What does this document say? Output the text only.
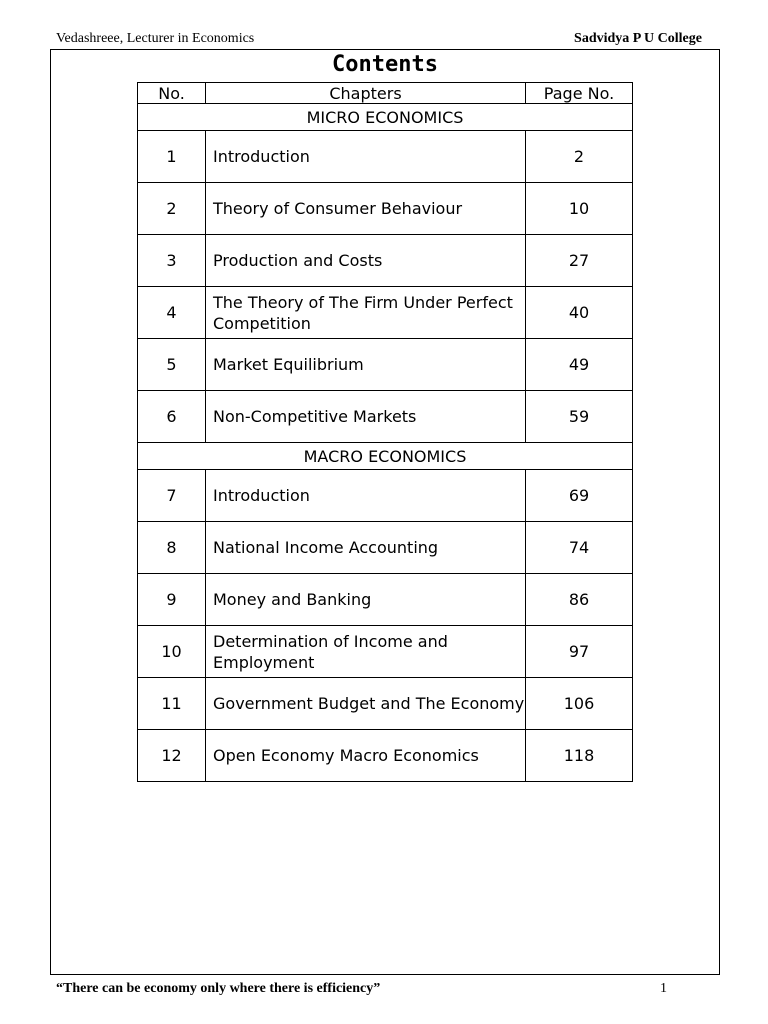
Vedashreee, Lecturer in Economics	Sadvidya P U College
Contents
No.	Chapters	Page No.
MICRO ECONOMICS		
1	Introduction	2
2	Theory of Consumer Behaviour	10
3	Production and Costs	27
4	The Theory of The Firm Under Perfect Competition	40
5	Market Equilibrium	49
6	Non-Competitive Markets	59
MACRO ECONOMICS		
7	Introduction	69
8	National Income Accounting	74
9	Money and Banking	86
10	Determination of Income and Employment	97
11	Government Budget and The Economy	106
12	Open Economy Macro Economics	118
“There can be economy only where there is efficiency”	1
